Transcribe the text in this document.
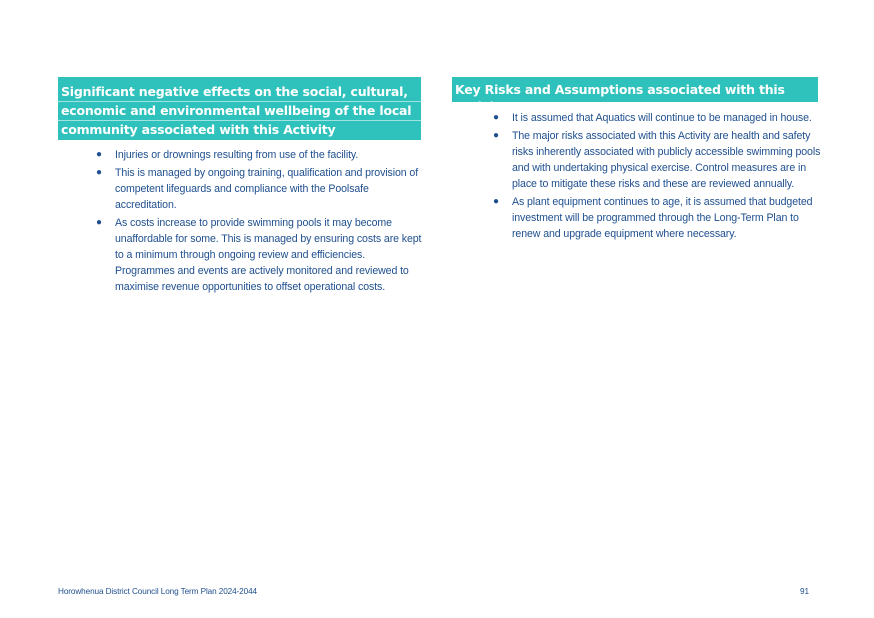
Significant negative effects on the social, cultural,
economic and environmental wellbeing of the local
community associated with this Activity
● Injuries or drownings resulting from use of the facility.
● This is managed by ongoing training, qualification and provision of
competent lifeguards and compliance with the Poolsafe
accreditation.
● As costs increase to provide swimming pools it may become
unaffordable for some. This is managed by ensuring costs are kept
to a minimum through ongoing review and efficiencies.
Programmes and events are actively monitored and reviewed to
maximise revenue opportunities to offset operational costs.
Key Risks and Assumptions associated with this Activity
● It is assumed that Aquatics will continue to be managed in house.
● The major risks associated with this Activity are health and safety
risks inherently associated with publicly accessible swimming pools
and with undertaking physical exercise. Control measures are in
place to mitigate these risks and these are reviewed annually.
● As plant equipment continues to age, it is assumed that budgeted
investment will be programmed through the Long-Term Plan to
renew and upgrade equipment where necessary.
Horowhenua District Council Long Term Plan 2024-2044	91
